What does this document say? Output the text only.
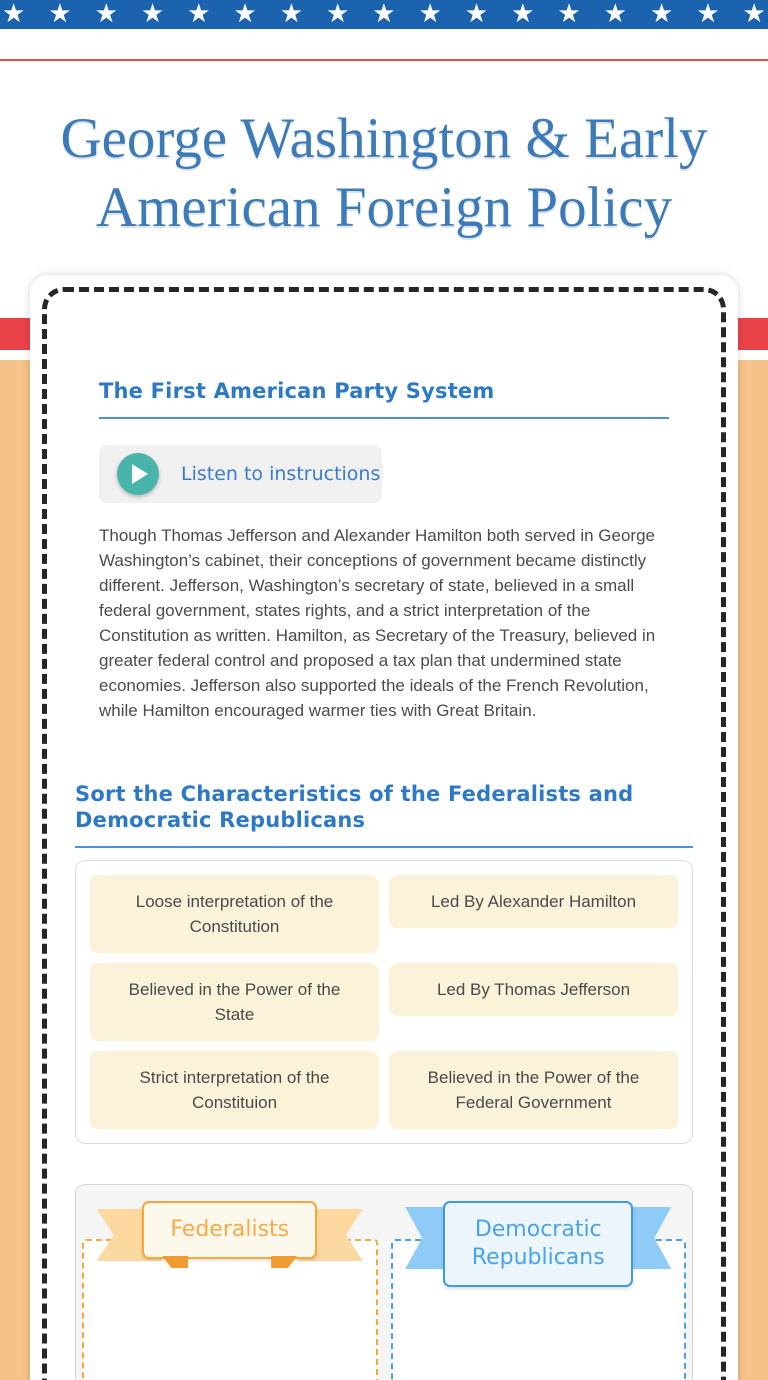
★ ★ ★ ★ ★ ★ ★ ★ ★ ★ ★ ★ ★ ★ ★ ★ ★
George Washington & Early American Foreign Policy
The First American Party System
Listen to instructions

Though Thomas Jefferson and Alexander Hamilton both served in George Washington’s cabinet, their conceptions of government became distinctly different. Jefferson, Washington’s secretary of state, believed in a small federal government, states rights, and a strict interpretation of the Constitution as written. Hamilton, as Secretary of the Treasury, believed in greater federal control and proposed a tax plan that undermined state economies. Jefferson also supported the ideals of the French Revolution, while Hamilton encouraged warmer ties with Great Britain.

Sort the Characteristics of the Federalists and Democratic Republicans
Loose interpretation of the Constitution
Led By Alexander Hamilton
Believed in the Power of the State
Led By Thomas Jefferson
Strict interpretation of the Constituion
Believed in the Power of the Federal Government
Federalists	Democratic Republicans
